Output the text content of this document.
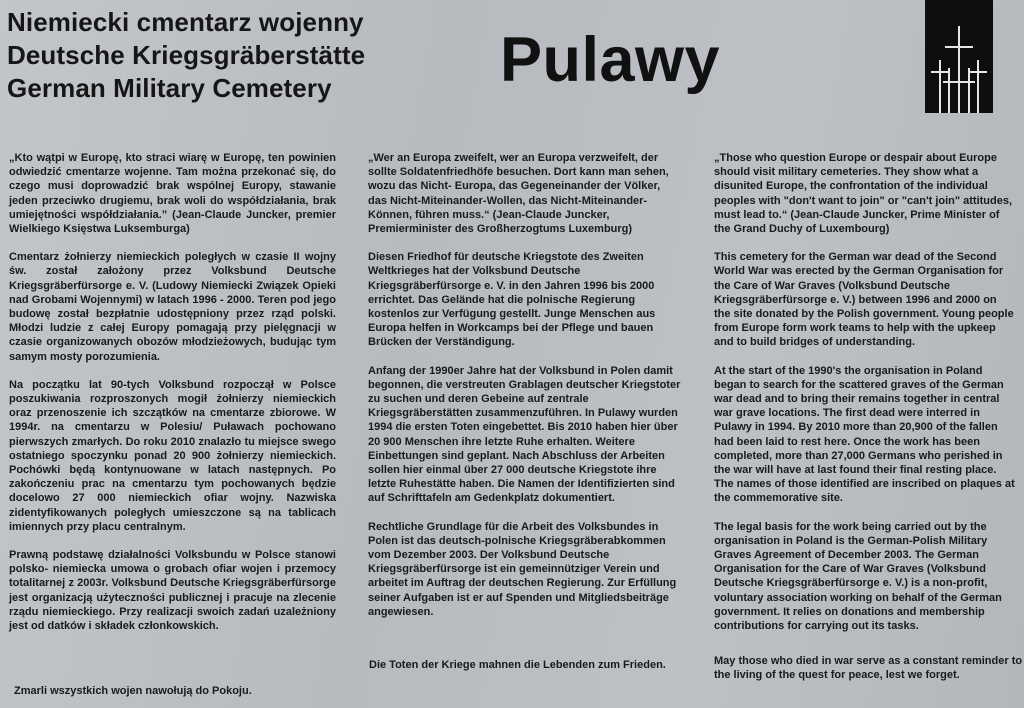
Niemiecki cmentarz wojenny
Deutsche Kriegsgräberstätte
German Military Cemetery	Pulawy

„Kto wątpi w Europę, kto straci wiarę w Europę, ten powinien odwiedzić cmentarze wojenne. Tam można przekonać się, do czego musi doprowadzić brak wspólnej Europy, stawanie jeden przeciwko drugiemu, brak woli do współdziałania, brak umiejętności współdziałania.” (Jean-Claude Juncker, premier Wielkiego Księstwa Luksemburga)

Cmentarz żołnierzy niemieckich poległych w czasie II wojny św. został założony przez Volksbund Deutsche Kriegsgräberfürsorge e. V. (Ludowy Niemiecki Związek Opieki nad Grobami Wojennymi) w latach 1996 - 2000. Teren pod jego budowę został bezpłatnie udostępniony przez rząd polski. Młodzi ludzie z całej Europy pomagają przy pielęgnacji w czasie organizowanych obozów młodzieżowych, budując tym samym mosty porozumienia.

Na początku lat 90-tych Volksbund rozpoczął w Polsce poszukiwania rozproszonych mogił żołnierzy niemieckich oraz przenoszenie ich szczątków na cmentarze zbiorowe. W 1994r. na cmentarzu w Polesiu/ Puławach pochowano pierwszych zmarłych. Do roku 2010 znalazło tu miejsce swego ostatniego spoczynku ponad 20 900 żołnierzy niemieckich. Pochówki będą kontynuowane w latach następnych. Po zakończeniu prac na cmentarzu tym pochowanych będzie docelowo 27 000 niemieckich ofiar wojny. Nazwiska zidentyfikowanych poległych umieszczone są na tablicach imiennych przy placu centralnym.

Prawną podstawę działalności Volksbundu w Polsce stanowi polsko- niemiecka umowa o grobach ofiar wojen i przemocy totalitarnej z 2003r. Volksbund Deutsche Kriegsgräberfürsorge jest organizacją użyteczności publicznej i pracuje na zlecenie rządu niemieckiego. Przy realizacji swoich zadań uzależniony jest od datków i składek członkowskich.

„Wer an Europa zweifelt, wer an Europa verzweifelt, der sollte Soldatenfriedhöfe besuchen. Dort kann man sehen, wozu das Nicht- Europa, das Gegeneinander der Völker, das Nicht-Miteinander-Wollen, das Nicht-Miteinander-Können, führen muss.“ (Jean-Claude Juncker, Premierminister des Großherzogtums Luxemburg)

Diesen Friedhof für deutsche Kriegstote des Zweiten Weltkrieges hat der Volksbund Deutsche Kriegsgräberfürsorge e. V. in den Jahren 1996 bis 2000 errichtet. Das Gelände hat die polnische Regierung kostenlos zur Verfügung gestellt. Junge Menschen aus Europa helfen in Workcamps bei der Pflege und bauen Brücken der Verständigung.

Anfang der 1990er Jahre hat der Volksbund in Polen damit begonnen, die verstreuten Grablagen deutscher Kriegstoter zu suchen und deren Gebeine auf zentrale Kriegsgräberstätten zusammenzuführen. In Pulawy wurden 1994 die ersten Toten eingebettet. Bis 2010 haben hier über 20 900 Menschen ihre letzte Ruhe erhalten. Weitere Einbettungen sind geplant. Nach Abschluss der Arbeiten sollen hier einmal über 27 000 deutsche Kriegstote ihre letzte Ruhestätte haben. Die Namen der Identifizierten sind auf Schrifttafeln am Gedenkplatz dokumentiert.

Rechtliche Grundlage für die Arbeit des Volksbundes in Polen ist das deutsch-polnische Kriegsgräberabkommen vom Dezember 2003. Der Volksbund Deutsche Kriegsgräberfürsorge ist ein gemeinnütziger Verein und arbeitet im Auftrag der deutschen Regierung. Zur Erfüllung seiner Aufgaben ist er auf Spenden und Mitgliedsbeiträge angewiesen.

„Those who question Europe or despair about Europe should visit military cemeteries. They show what a disunited Europe, the confrontation of the individual peoples with "don't want to join" or "can't join" attitudes, must lead to.“ (Jean-Claude Juncker, Prime Minister of the Grand Duchy of Luxembourg)

This cemetery for the German war dead of the Second World War was erected by the German Organisation for the Care of War Graves (Volksbund Deutsche Kriegsgräberfürsorge e. V.) between 1996 and 2000 on the site donated by the Polish government. Young people from Europe form work teams to help with the upkeep and to build bridges of understanding.

At the start of the 1990's the organisation in Poland began to search for the scattered graves of the German war dead and to bring their remains together in central war grave locations. The first dead were interred in Pulawy in 1994. By 2010 more than 20,900 of the fallen had been laid to rest here. Once the work has been completed, more than 27,000 Germans who perished in the war will have at last found their final resting place. The names of those identified are inscribed on plaques at the commemorative site.

The legal basis for the work being carried out by the organisation in Poland is the German-Polish Military Graves Agreement of December 2003. The German Organisation for the Care of War Graves (Volksbund Deutsche Kriegsgräberfürsorge e. V.) is a non-profit, voluntary association working on behalf of the German government. It relies on donations and membership contributions for carrying out its tasks.

Zmarli wszystkich wojen nawołują do Pokoju.
Die Toten der Kriege mahnen die Lebenden zum Frieden.	May those who died in war serve as a constant reminder to the living of the quest for peace, lest we forget.
